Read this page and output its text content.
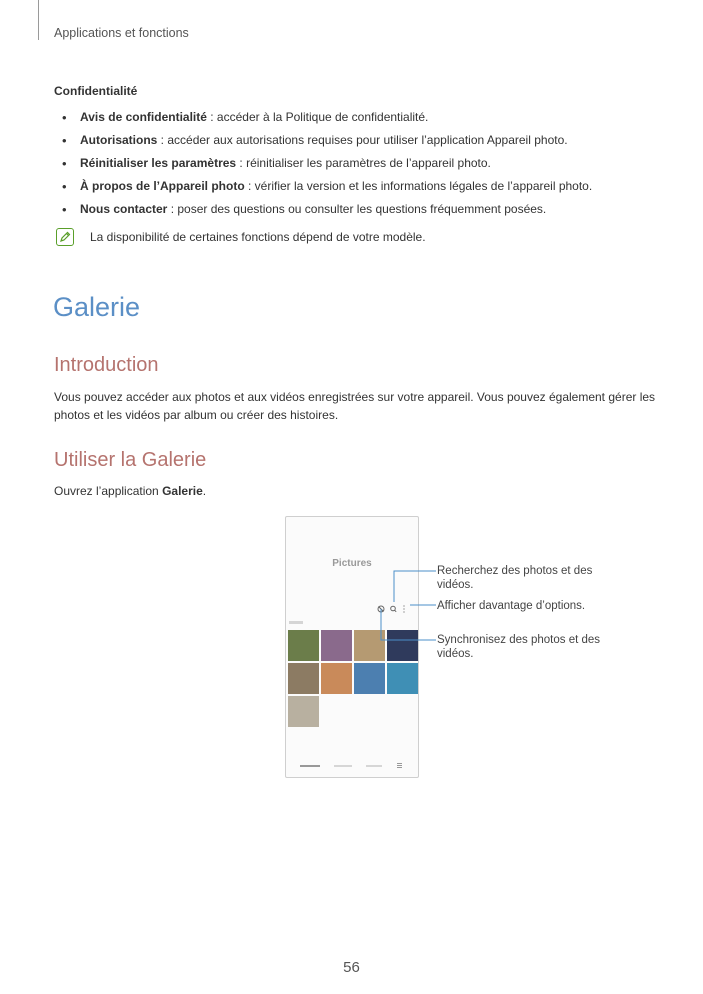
Applications et fonctions
Confidentialité
• Avis de confidentialité : accéder à la Politique de confidentialité.
• Autorisations : accéder aux autorisations requises pour utiliser l’application Appareil photo.
• Réinitialiser les paramètres : réinitialiser les paramètres de l’appareil photo.
• À propos de l’Appareil photo : vérifier la version et les informations légales de l’appareil photo.
• Nous contacter : poser des questions ou consulter les questions fréquemment posées.
La disponibilité de certaines fonctions dépend de votre modèle.
Galerie
Introduction
Vous pouvez accéder aux photos et aux vidéos enregistrées sur votre appareil. Vous pouvez également gérer les photos et les vidéos par album ou créer des histoires.
Utiliser la Galerie
Ouvrez l’application Galerie.
Pictures
Recherchez des photos et des vidéos.
Afficher davantage d’options.
Synchronisez des photos et des vidéos.
56
